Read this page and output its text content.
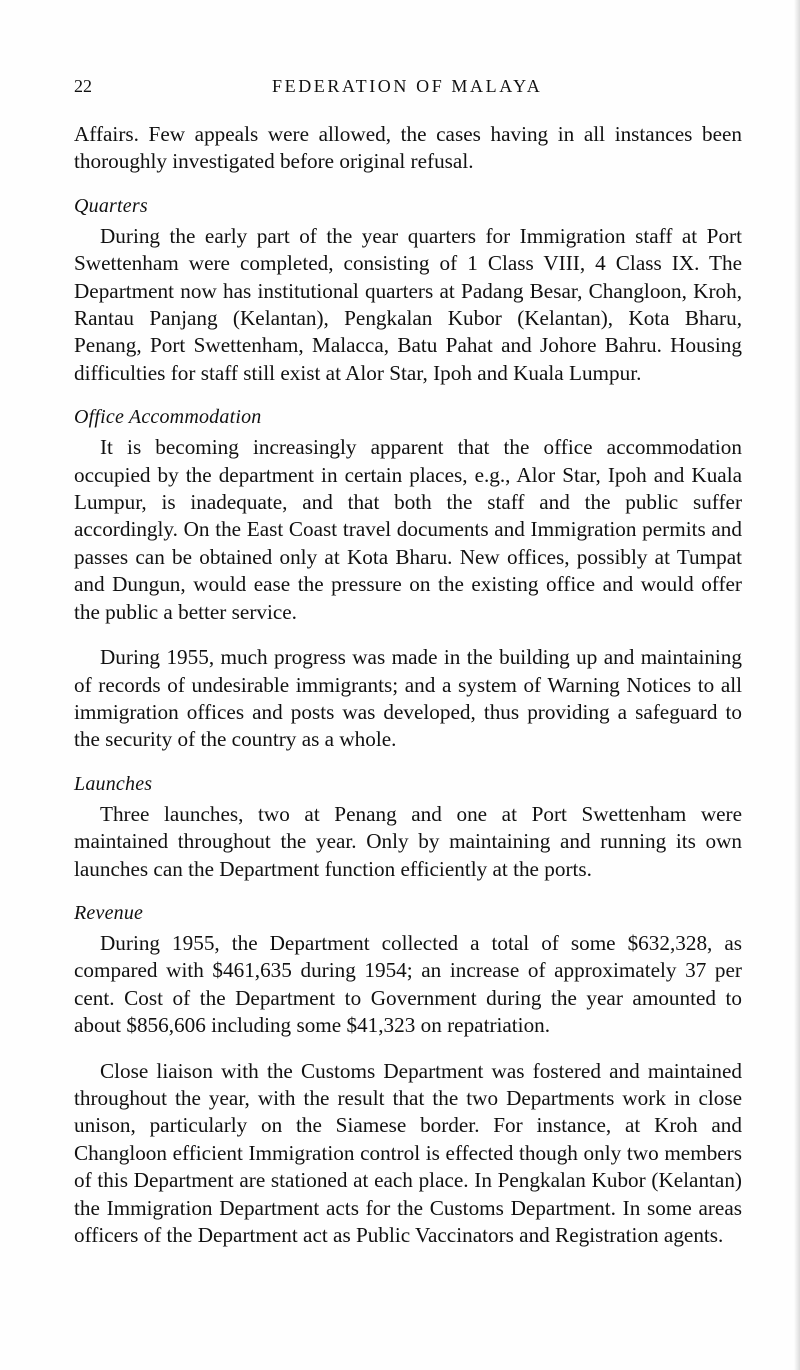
22	FEDERATION OF MALAYA

Affairs. Few appeals were allowed, the cases having in all instances been thoroughly investigated before original refusal.

Quarters

During the early part of the year quarters for Immigration staff at Port Swettenham were completed, consisting of 1 Class VIII, 4 Class IX. The Department now has institutional quarters at Padang Besar, Changloon, Kroh, Rantau Panjang (Kelantan), Pengkalan Kubor (Kelantan), Kota Bharu, Penang, Port Swettenham, Malacca, Batu Pahat and Johore Bahru. Housing difficulties for staff still exist at Alor Star, Ipoh and Kuala Lumpur.

Office Accommodation

It is becoming increasingly apparent that the office accommodation occupied by the department in certain places, e.g., Alor Star, Ipoh and Kuala Lumpur, is inadequate, and that both the staff and the public suffer accordingly. On the East Coast travel documents and Immigration permits and passes can be obtained only at Kota Bharu. New offices, possibly at Tumpat and Dungun, would ease the pressure on the existing office and would offer the public a better service.

During 1955, much progress was made in the building up and maintaining of records of undesirable immigrants; and a system of Warning Notices to all immigration offices and posts was developed, thus providing a safeguard to the security of the country as a whole.

Launches

Three launches, two at Penang and one at Port Swettenham were maintained throughout the year. Only by maintaining and running its own launches can the Department function efficiently at the ports.

Revenue

During 1955, the Department collected a total of some $632,328, as compared with $461,635 during 1954; an increase of approximately 37 per cent. Cost of the Department to Government during the year amounted to about $856,606 including some $41,323 on repatriation.

Close liaison with the Customs Department was fostered and maintained throughout the year, with the result that the two Departments work in close unison, particularly on the Siamese border. For instance, at Kroh and Changloon efficient Immigration control is effected though only two members of this Department are stationed at each place. In Pengkalan Kubor (Kelantan) the Immigration Department acts for the Customs Department. In some areas officers of the Department act as Public Vaccinators and Registration agents.
